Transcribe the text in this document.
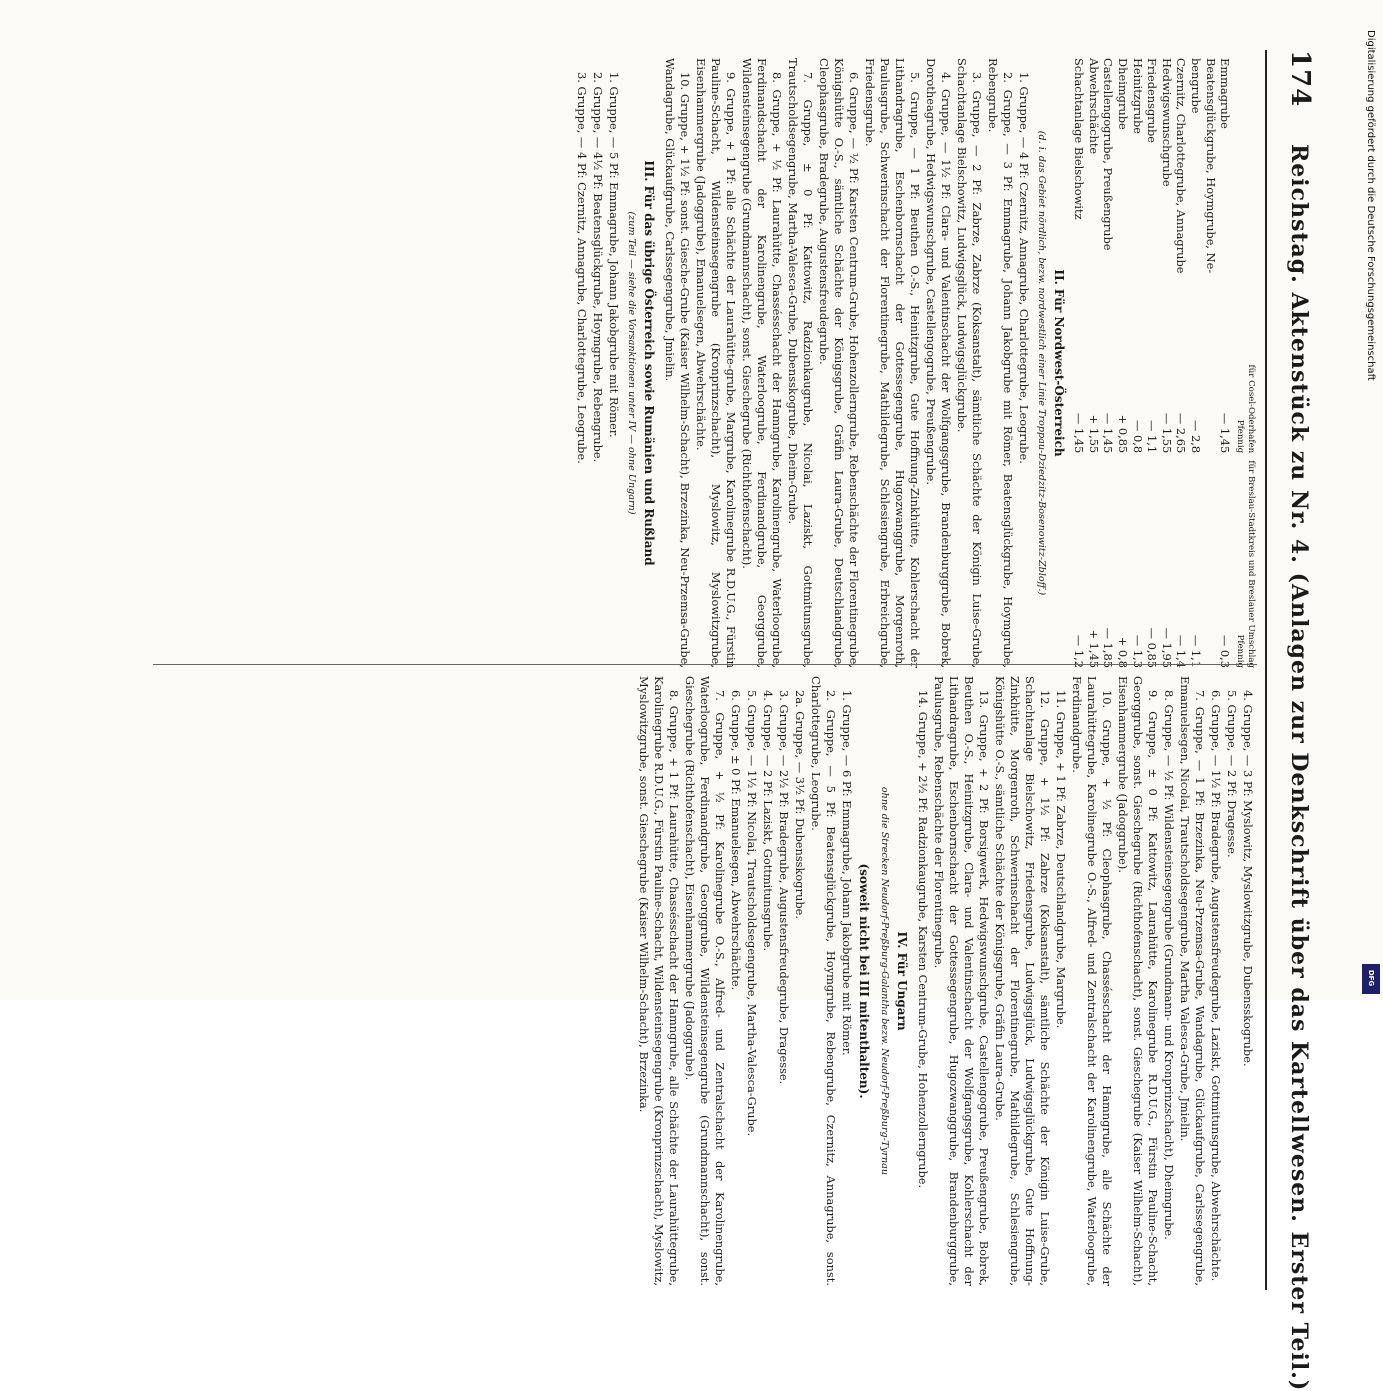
174 Reichstag. Aktenstück zu Nr. 4. (Anlagen zur Denkschrift über das Kartellwesen. Erster Teil.)
	für Cosel-Oderhafen	für Breslau-Stadtkreis und Breslauer Umschlag
	Pfennig	Pfennig
Emmagrube	— 1,45	— 0,3
Beatensglückgrube, Hoymgrube, Ne-		
bengrube	— 2,8	— 1,1
Czernitz, Charlottegrube, Annagrube	— 2,65	— 1,4
Hedwigswunschgrube	— 1,55	— 1,95
Friedensgrube	— 1,1	— 0,85
Heinitzgrube	— 0,8	— 1,3
Dheimgrube	+ 0,85	+ 0,8
Castellengogrube, Preußengrube	— 1,45	— 1,85
Abwehrschächte	+ 1,55	+ 1,45
Schachtanlage Bielschowitz	— 1,45	— 1,2
II. Für Nordwest-Österreich
(d. i. das Gebiet nördlich, bezw. nordwestlich einer Linie Troppau-Dziedzitz-Bosenowitz-Zbloff.)

1. Gruppe, — 4 Pf: Czernitz, Annagrube, Charlottegrube, Leogrube.

2. Gruppe, — 3 Pf: Emmagrube, Johann Jakobgrube mit Römer, Beatensglückgrube, Hoymgrube, Rebengrube.

3. Gruppe, — 2 Pf: Zabrze, Zabrze (Koksanstalt), sämtliche Schächte der Königin Luise-Grube, Schachtanlage Bielschowitz, Ludwigsglück, Ludwigsglückgrube.

4. Gruppe, — 1½ Pf: Clara- und Valentinschacht der Wolfgangsgrube, Brandenburggrube, Bobrek, Dorotheagrube, Hedwigswunschgrube, Castellengogrube, Preußengrube.

5. Gruppe, — 1 Pf: Beuthen O.-S., Heinitzgrube, Gute Hoffnung-Zinkhütte, Kohlerschacht der Lithandragrube, Eschenbornschacht der Gottessegengrube, Hugozwanggrube, Morgenroth, Paulusgrube, Schwerinschacht der Florentinegrube, Mathildegrube, Schlesiengrube, Erbreichgrube, Friedensgrube.

6. Gruppe, — ½ Pf: Karsten Centrum-Grube, Hohenzollerngrube, Rebenschächte der Florentinegrube, Königshütte O.-S., sämtliche Schächte der Königsgrube, Gräfin Laura-Grube, Deutschlandgrube, Cleophasgrube, Bradegrube, Augustensfreudegrube.

7. Gruppe, ± 0 Pf: Kattowitz, Radzionkaugrube, Nicolai, Laziskt, Gottmitunsgrube, Trautscholdsegengrube, Martha-Valesca-Grube, Dubensskogrube, Dheim-Grube.

8. Gruppe, + ½ Pf: Laurahütte, Chassésschacht der Hamngrube, Karolinengrube, Waterloogrube, Ferdinandschacht der Karolinengrube, Waterloogrube, Ferdinandgrube, Georggrube, Wildensteinsegengrube (Grundmannschacht), sonst. Gieschegrube (Richthofenschacht).

9. Gruppe, + 1 Pf: alle Schächte der Laurahütte-grube, Margrube, Karolinegrube R.D.U.G., Fürstin Pauline-Schacht, Wildensteinsegengrube (Kronprinzschacht), Myslowitz, Myslowitzgrube, Eisenhammergrube (Jadoggrube), Emanuelsegen, Abwehrschächte.

10. Gruppe, + 1½ Pf: sonst. Giesche-Grube (Kaiser Wilhelm-Schacht), Brzezinka, Neu-Przemsa-Grube, Wandagrube, Glückaufgrube, Carlssegengrube, Jmielin.

III. Für das übrige Österreich sowie Rumänien und Rußland
(zum Teil — siehe die Vorsanktionen unter IV — ohne Ungarn)

1. Gruppe, — 5 Pf: Emmagrube, Johann Jakobgrube mit Römer.

2. Gruppe, — 4½ Pf: Beatensglückgrube, Hoymgrube, Rebengrube.

3. Gruppe, — 4 Pf: Czernitz, Annagrube, Charlottegrube, Leogrube.

4. Gruppe, — 3 Pf: Myslowitz, Myslowitzgrube, Dubensskogrube.

5. Gruppe, — 2 Pf: Dragesse.

6. Gruppe, — 1½ Pf: Bradegrube, Augustensfreudegrube, Laziskt, Gottmitunsgrube, Abwehrschächte.

7. Gruppe, — 1 Pf: Brzezinka, Neu-Przemsa-Grube, Wandagrube, Glückaufgrube, Carlssegengrube, Emanuelsegen, Nicolai, Trautscholdsegengrube, Martha Valesca-Grube, Jmielin.

8. Gruppe, — ½ Pf: Wildensteinsegengrube (Grundmann- und Kronprinzschacht), Dheimgrube.

9. Gruppe, ± 0 Pf: Kattowitz, Laurahütte, Karolinegrube R.D.U.G., Fürstin Pauline-Schacht, Georggrube, sonst. Gieschegrube (Richthofenschacht), sonst. Gieschegrube (Kaiser Wilhelm-Schacht), Eisenhammergrube (Jadoggrube).

10. Gruppe, + ½ Pf: Cleophasgrube, Chassésschacht der Hamngrube, alle Schächte der Laurahüttegrube, Karolinegrube O.-S., Alfred- und Zentralschacht der Karolinengrube, Waterloogrube, Ferdinandgrube.

11. Gruppe, + 1 Pf: Zabrze, Deutschlandgrube, Margrube.

12. Gruppe, + 1½ Pf: Zabrze (Koksanstalt), sämtliche Schächte der Königin Luise-Grube, Schachtanlage Bielschowitz, Friedensgrube, Ludwigsglück, Ludwigsglückgrube, Gute Hoffnung-Zinkhütte, Morgenroth, Schwerinschacht der Florentinegrube, Mathildegrube, Schlesiengrube, Königshütte O.-S., sämtliche Schächte der Königsgrube, Gräfin Laura-Grube.

13. Gruppe, + 2 Pf: Borsigwerk, Hedwigswunschgrube, Castellengogrube, Preußengrube, Bobrek, Beuthen O.-S., Heinitzgrube, Clara- und Valentinschacht der Wolfgangsgrube, Kohlerschacht der Lithandragrube, Eschenbornschacht der Gottessegengrube, Hugozwanggrube, Brandenburggrube, Paulusgrube, Rebenschächte der Florentinegrube.

14. Gruppe, + 2½ Pf: Radzionkaugrube, Karsten Centrum-Grube, Hohenzollerngrube.

IV. Für Ungarn
ohne die Strecken Neudorf-Preßburg-Galantha bezw. Neudorf-Preßburg-Tyrnau
(soweit nicht bei III mitenthalten).

1. Gruppe, — 6 Pf: Emmagrube, Johann Jakobgrube mit Römer.

2. Gruppe, — 5 Pf: Beatensglückgrube, Hoymgrube, Rebengrube, Czernitz, Annagrube, sonst. Charlottegrube, Leogrube.

2a. Gruppe, — 3½ Pf: Dubensskogrube.

3. Gruppe, — 2½ Pf: Bradegrube, Augustensfreudegrube, Dragesse.

4. Gruppe, — 2 Pf: Laziskt, Gottmitunsgrube.

5. Gruppe, — 1½ Pf: Nicolai, Trautscholdsegengrube, Martha-Valesca-Grube.

6. Gruppe, ± 0 Pf: Emanuelsegen, Abwehrschächte.

7. Gruppe, + ½ Pf: Karolinegrube O.-S., Alfred- und Zentralschacht der Karolinengrube, Waterloogrube, Ferdinandgrube, Georggrube, Wildensteinsegengrube (Grundmannschacht), sonst. Gieschegrube (Richthofenschacht), Eisenhammergrube (Jadoggrube).

8. Gruppe, + 1 Pf: Laurahütte, Chassésschacht der Hamngrube, alle Schächte der Laurahüttegrube, Karolinegrube R.D.U.G., Fürstin Pauline-Schacht, Wildensteinsegengrube (Kronprinzschacht), Myslowitz, Myslowitzgrube, sonst. Gieschegrube (Kaiser Wilhelm-Schacht), Brzezinka.

Digitalisierung gefördert durch die Deutsche Forschungsgemeinschaft
DFG
